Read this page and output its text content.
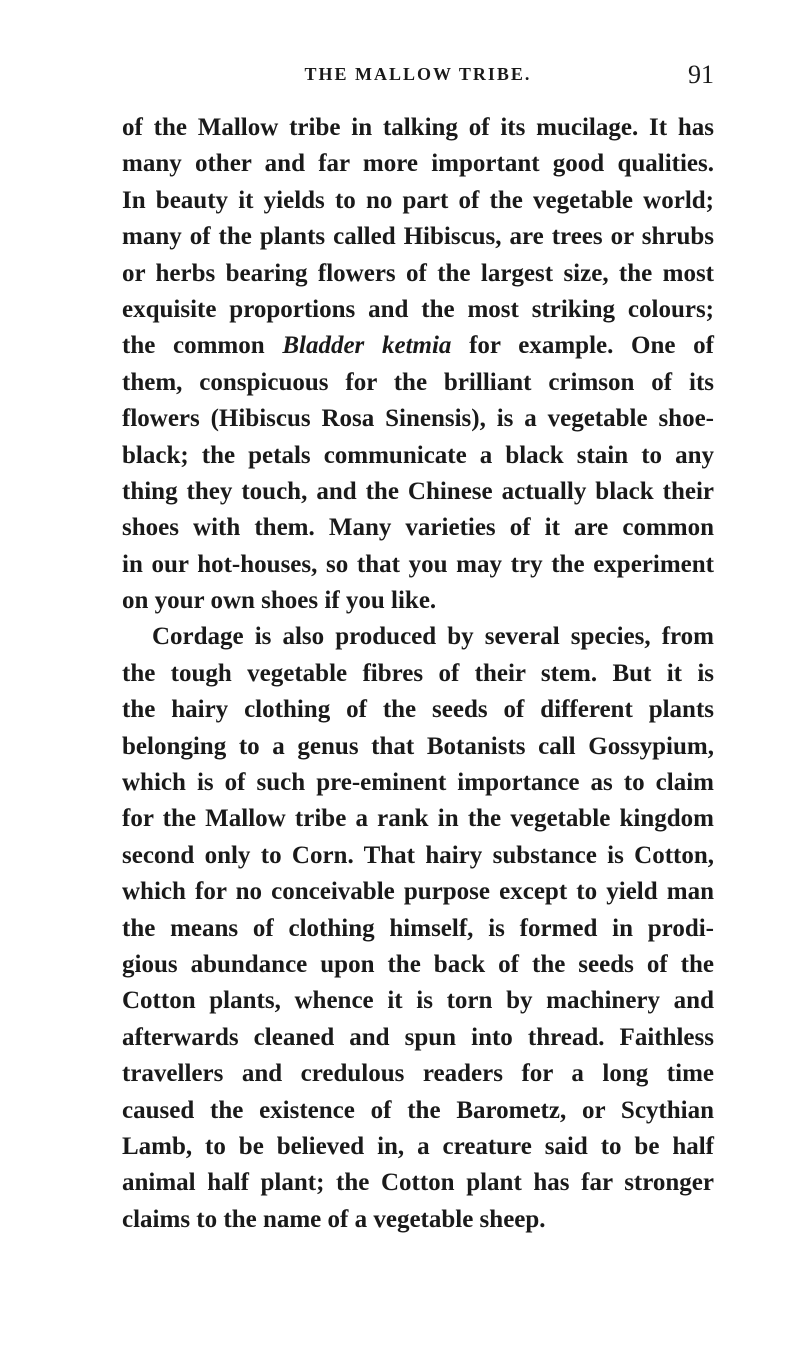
THE MALLOW TRIBE.	91
of the Mallow tribe in talking of its mucilage. It has
many other and far more important good qualities.
In beauty it yields to no part of the vegetable world;
many of the plants called Hibiscus, are trees or shrubs
or herbs bearing flowers of the largest size, the most
exquisite proportions and the most striking colours;
the common Bladder ketmia for example. One of
them, conspicuous for the brilliant crimson of its
flowers (Hibiscus Rosa Sinensis), is a vegetable shoe-
black; the petals communicate a black stain to any
thing they touch, and the Chinese actually black their
shoes with them. Many varieties of it are common
in our hot-houses, so that you may try the experiment
on your own shoes if you like.
Cordage is also produced by several species, from
the tough vegetable fibres of their stem. But it is
the hairy clothing of the seeds of different plants
belonging to a genus that Botanists call Gossypium,
which is of such pre-eminent importance as to claim
for the Mallow tribe a rank in the vegetable kingdom
second only to Corn. That hairy substance is Cotton,
which for no conceivable purpose except to yield man
the means of clothing himself, is formed in prodi-
gious abundance upon the back of the seeds of the
Cotton plants, whence it is torn by machinery and
afterwards cleaned and spun into thread. Faithless
travellers and credulous readers for a long time
caused the existence of the Barometz, or Scythian
Lamb, to be believed in, a creature said to be half
animal half plant; the Cotton plant has far stronger
claims to the name of a vegetable sheep.
